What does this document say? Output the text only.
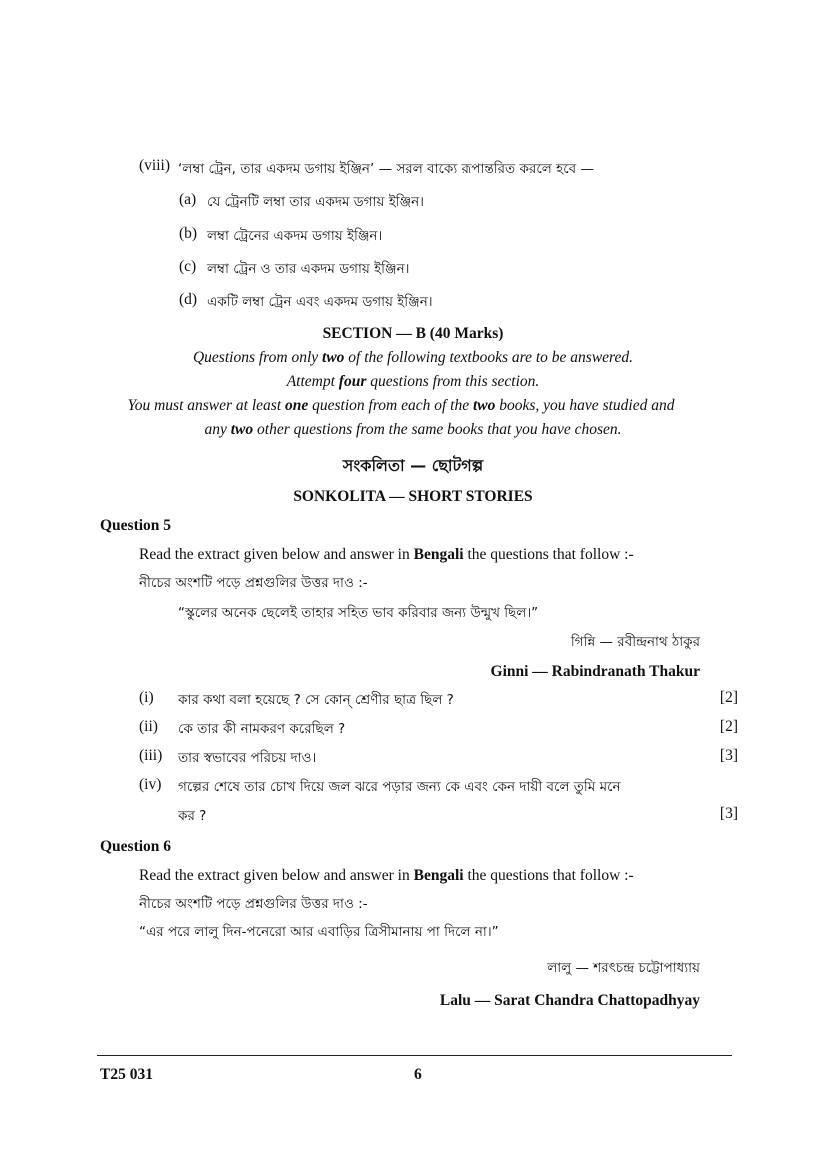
(viii) ‘লম্বা ট্রেন, তার একদম ডগায় ইঞ্জিন’ — সরল বাক্যে রূপান্তরিত করলে হবে —
(a) যে ট্রেনটি লম্বা তার একদম ডগায় ইঞ্জিন।
(b) লম্বা ট্রেনের একদম ডগায় ইঞ্জিন।
(c) লম্বা ট্রেন ও তার একদম ডগায় ইঞ্জিন।
(d) একটি লম্বা ট্রেন এবং একদম ডগায় ইঞ্জিন।
SECTION — B (40 Marks)
Questions from only two of the following textbooks are to be answered.
Attempt four questions from this section.
You must answer at least one question from each of the two books, you have studied and
any two other questions from the same books that you have chosen.
সংকলিতা — ছোটগল্প
SONKOLITA — SHORT STORIES
Question 5
Read the extract given below and answer in Bengali the questions that follow :-
নীচের অংশটি পড়ে প্রশ্নগুলির উত্তর দাও :-
“স্কুলের অনেক ছেলেই তাহার সহিত ভাব করিবার জন্য উন্মুখ ছিল।”
গিন্নি — রবীন্দ্রনাথ ঠাকুর
Ginni — Rabindranath Thakur
(i) কার কথা বলা হয়েছে ? সে কোন্ শ্রেণীর ছাত্র ছিল ?	[2]
(ii) কে তার কী নামকরণ করেছিল ?	[2]
(iii) তার স্বভাবের পরিচয় দাও।	[3]
(iv) গল্পের শেষে তার চোখ দিয়ে জল ঝরে পড়ার জন্য কে এবং কেন দায়ী বলে তুমি মনে
কর ?	[3]
Question 6
Read the extract given below and answer in Bengali the questions that follow :-
নীচের অংশটি পড়ে প্রশ্নগুলির উত্তর দাও :-
“এর পরে লালু দিন-পনেরো আর এবাড়ির ত্রিসীমানায় পা দিলে না।”
লালু — শরৎচন্দ্র চট্টোপাধ্যায়
Lalu — Sarat Chandra Chattopadhyay
T25 031	6
